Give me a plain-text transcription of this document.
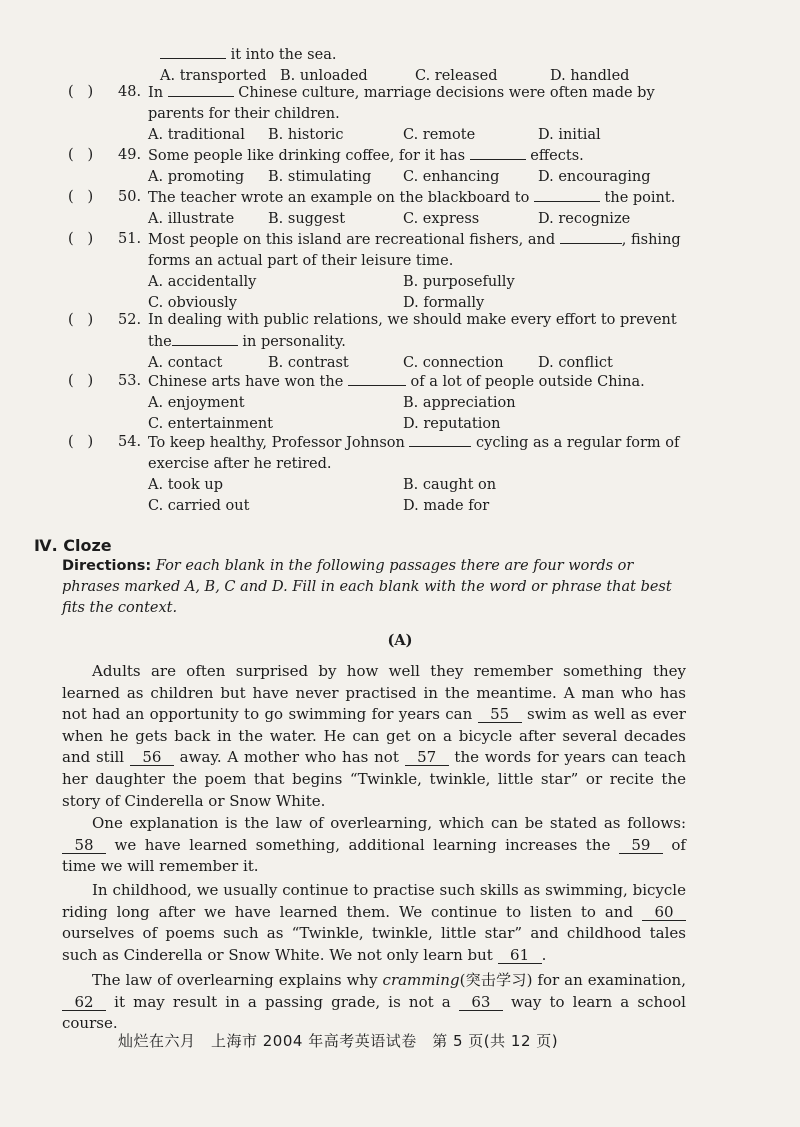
it into the sea.
A. transported B. unloaded	C. released	D. handled
( ) 48. In	Chinese culture, marriage decisions were often made by
parents for their children.
A. traditional	B. historic	C. remote	D. initial
( ) 49. Some people like drinking coffee, for it has	effects.
A. promoting	B. stimulating	C. enhancing	D. encouraging
( ) 50. The teacher wrote an example on the blackboard to	the point.
A. illustrate	B. suggest	C. express	D. recognize
( ) 51. Most people on this island are recreational fishers, and	, fishing
forms an actual part of their leisure time.
A. accidentally	B. purposefully
C. obviously	D. formally
( ) 52. In dealing with public relations, we should make every effort to prevent
the	in personality.
A. contact	B. contrast	C. connection	D. conflict
( ) 53. Chinese arts have won the	of a lot of people outside China.
A. enjoyment	B. appreciation
C. entertainment	D. reputation
( ) 54. To keep healthy, Professor Johnson	cycling as a regular form of
exercise after he retired.
A. took up	B. caught on
C. carried out	D. made for
Ⅳ. Cloze
Directions: For each blank in the following passages there are four words or phrases marked A, B, C and D. Fill in each blank with the word or phrase that best fits the context.
(A)
Adults are often surprised by how well they remember something they learned as children but have never practised in the meantime. A man who has not had an opportunity to go swimming for years can 55 swim as well as ever when he gets back in the water. He can get on a bicycle after several decades and still 56 away. A mother who has not 57 the words for years can teach her daughter the poem that begins “Twinkle, twinkle, little star” or recite the story of Cinderella or Snow White.
One explanation is the law of overlearning, which can be stated as follows: 58 we have learned something, additional learning increases the 59 of time we will remember it.
In childhood, we usually continue to practise such skills as swimming, bicycle riding long after we have learned them. We continue to listen to and 60 ourselves of poems such as “Twinkle, twinkle, little star” and childhood tales such as Cinderella or Snow White. We not only learn but 61 .
The law of overlearning explains why cramming(突击学习) for an examination, 62 it may result in a passing grade, is not a 63 way to learn a school course.
灿烂在六月　上海市 2004 年高考英语试卷　第 5 页(共 12 页)
